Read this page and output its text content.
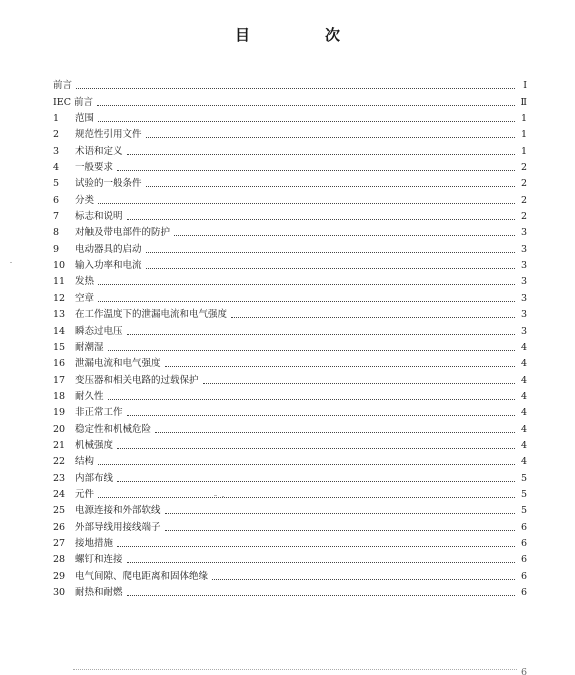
目　次
前言	Ⅰ
IEC 前言	Ⅱ
1	范围	1
2	规范性引用文件	1
3	术语和定义	1
4	一般要求	2
5	试验的一般条件	2
6	分类	2
7	标志和说明	2
8	对触及带电部件的防护	3
9	电动器具的启动	3
10	输入功率和电流	3
11	发热	3
12	空章	3
13	在工作温度下的泄漏电流和电气强度	3
14	瞬态过电压	3
15	耐潮湿	4
16	泄漏电流和电气强度	4
17	变压器和相关电路的过载保护	4
18	耐久性	4
19	非正常工作	4
20	稳定性和机械危险	4
21	机械强度	4
22	结构	4
23	内部布线	5
24	元件	5
25	电源连接和外部软线	5
26	外部导线用接线端子	6
27	接地措施	6
28	螺钉和连接	6
29	电气间隙、爬电距离和固体绝缘	6
30	耐热和耐燃	6
6
